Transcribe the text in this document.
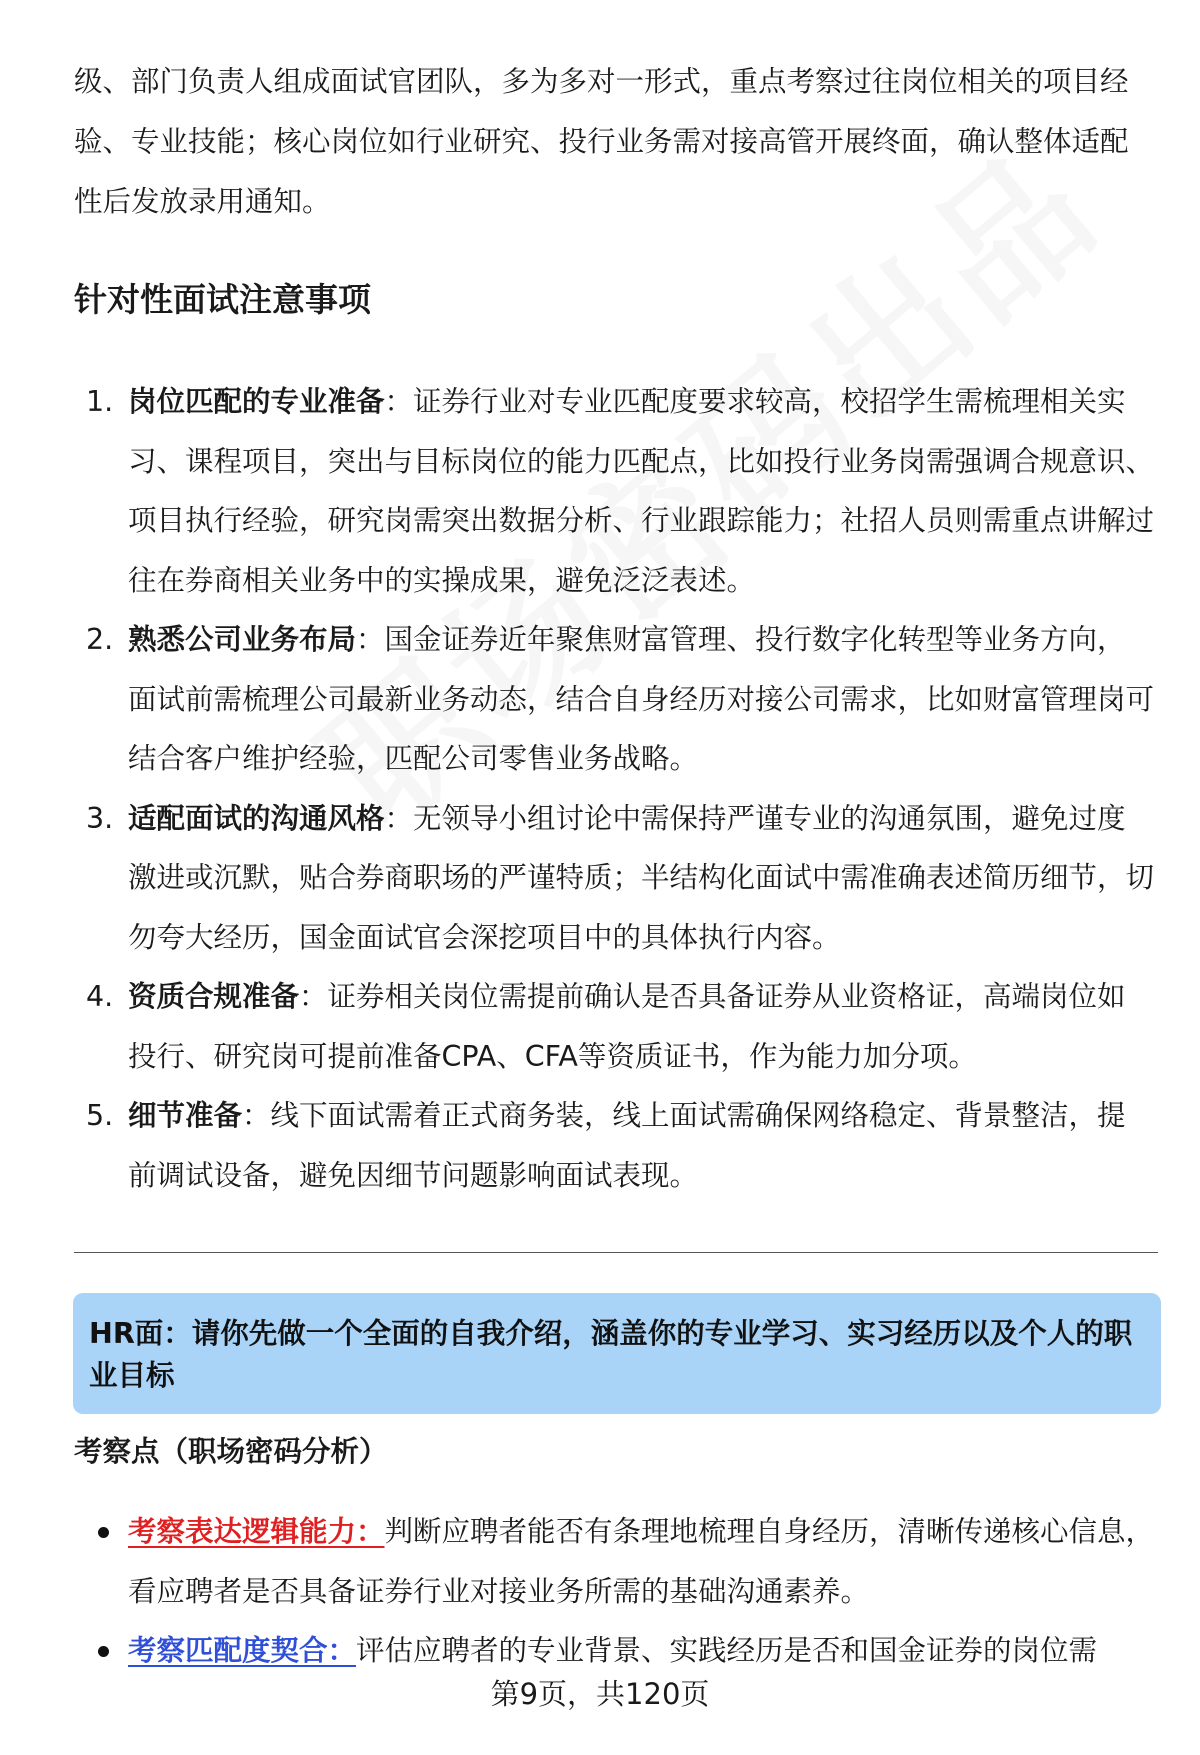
级、部门负责人组成面试官团队，多为多对一形式，重点考察过往岗位相关的项目经验、专业技能；核心岗位如行业研究、投行业务需对接高管开展终面，确认整体适配性后发放录用通知。

针对性面试注意事项
1. 岗位匹配的专业准备：证券行业对专业匹配度要求较高，校招学生需梳理相关实习、课程项目，突出与目标岗位的能力匹配点，比如投行业务岗需强调合规意识、项目执行经验，研究岗需突出数据分析、行业跟踪能力；社招人员则需重点讲解过往在券商相关业务中的实操成果，避免泛泛表述。
2. 熟悉公司业务布局：国金证券近年聚焦财富管理、投行数字化转型等业务方向，面试前需梳理公司最新业务动态，结合自身经历对接公司需求，比如财富管理岗可结合客户维护经验，匹配公司零售业务战略。
3. 适配面试的沟通风格：无领导小组讨论中需保持严谨专业的沟通氛围，避免过度激进或沉默，贴合券商职场的严谨特质；半结构化面试中需准确表述简历细节，切勿夸大经历，国金面试官会深挖项目中的具体执行内容。
4. 资质合规准备：证券相关岗位需提前确认是否具备证券从业资格证，高端岗位如投行、研究岗可提前准备CPA、CFA等资质证书，作为能力加分项。
5. 细节准备：线下面试需着正式商务装，线上面试需确保网络稳定、背景整洁，提前调试设备，避免因细节问题影响面试表现。
HR面：请你先做一个全面的自我介绍，涵盖你的专业学习、实习经历以及个人的职业目标
考察点（职场密码分析）
考察表达逻辑能力：判断应聘者能否有条理地梳理自身经历，清晰传递核心信息，看应聘者是否具备证券行业对接业务所需的基础沟通素养。
考察匹配度契合：评估应聘者的专业背景、实践经历是否和国金证券的岗位需
第9页，共120页
